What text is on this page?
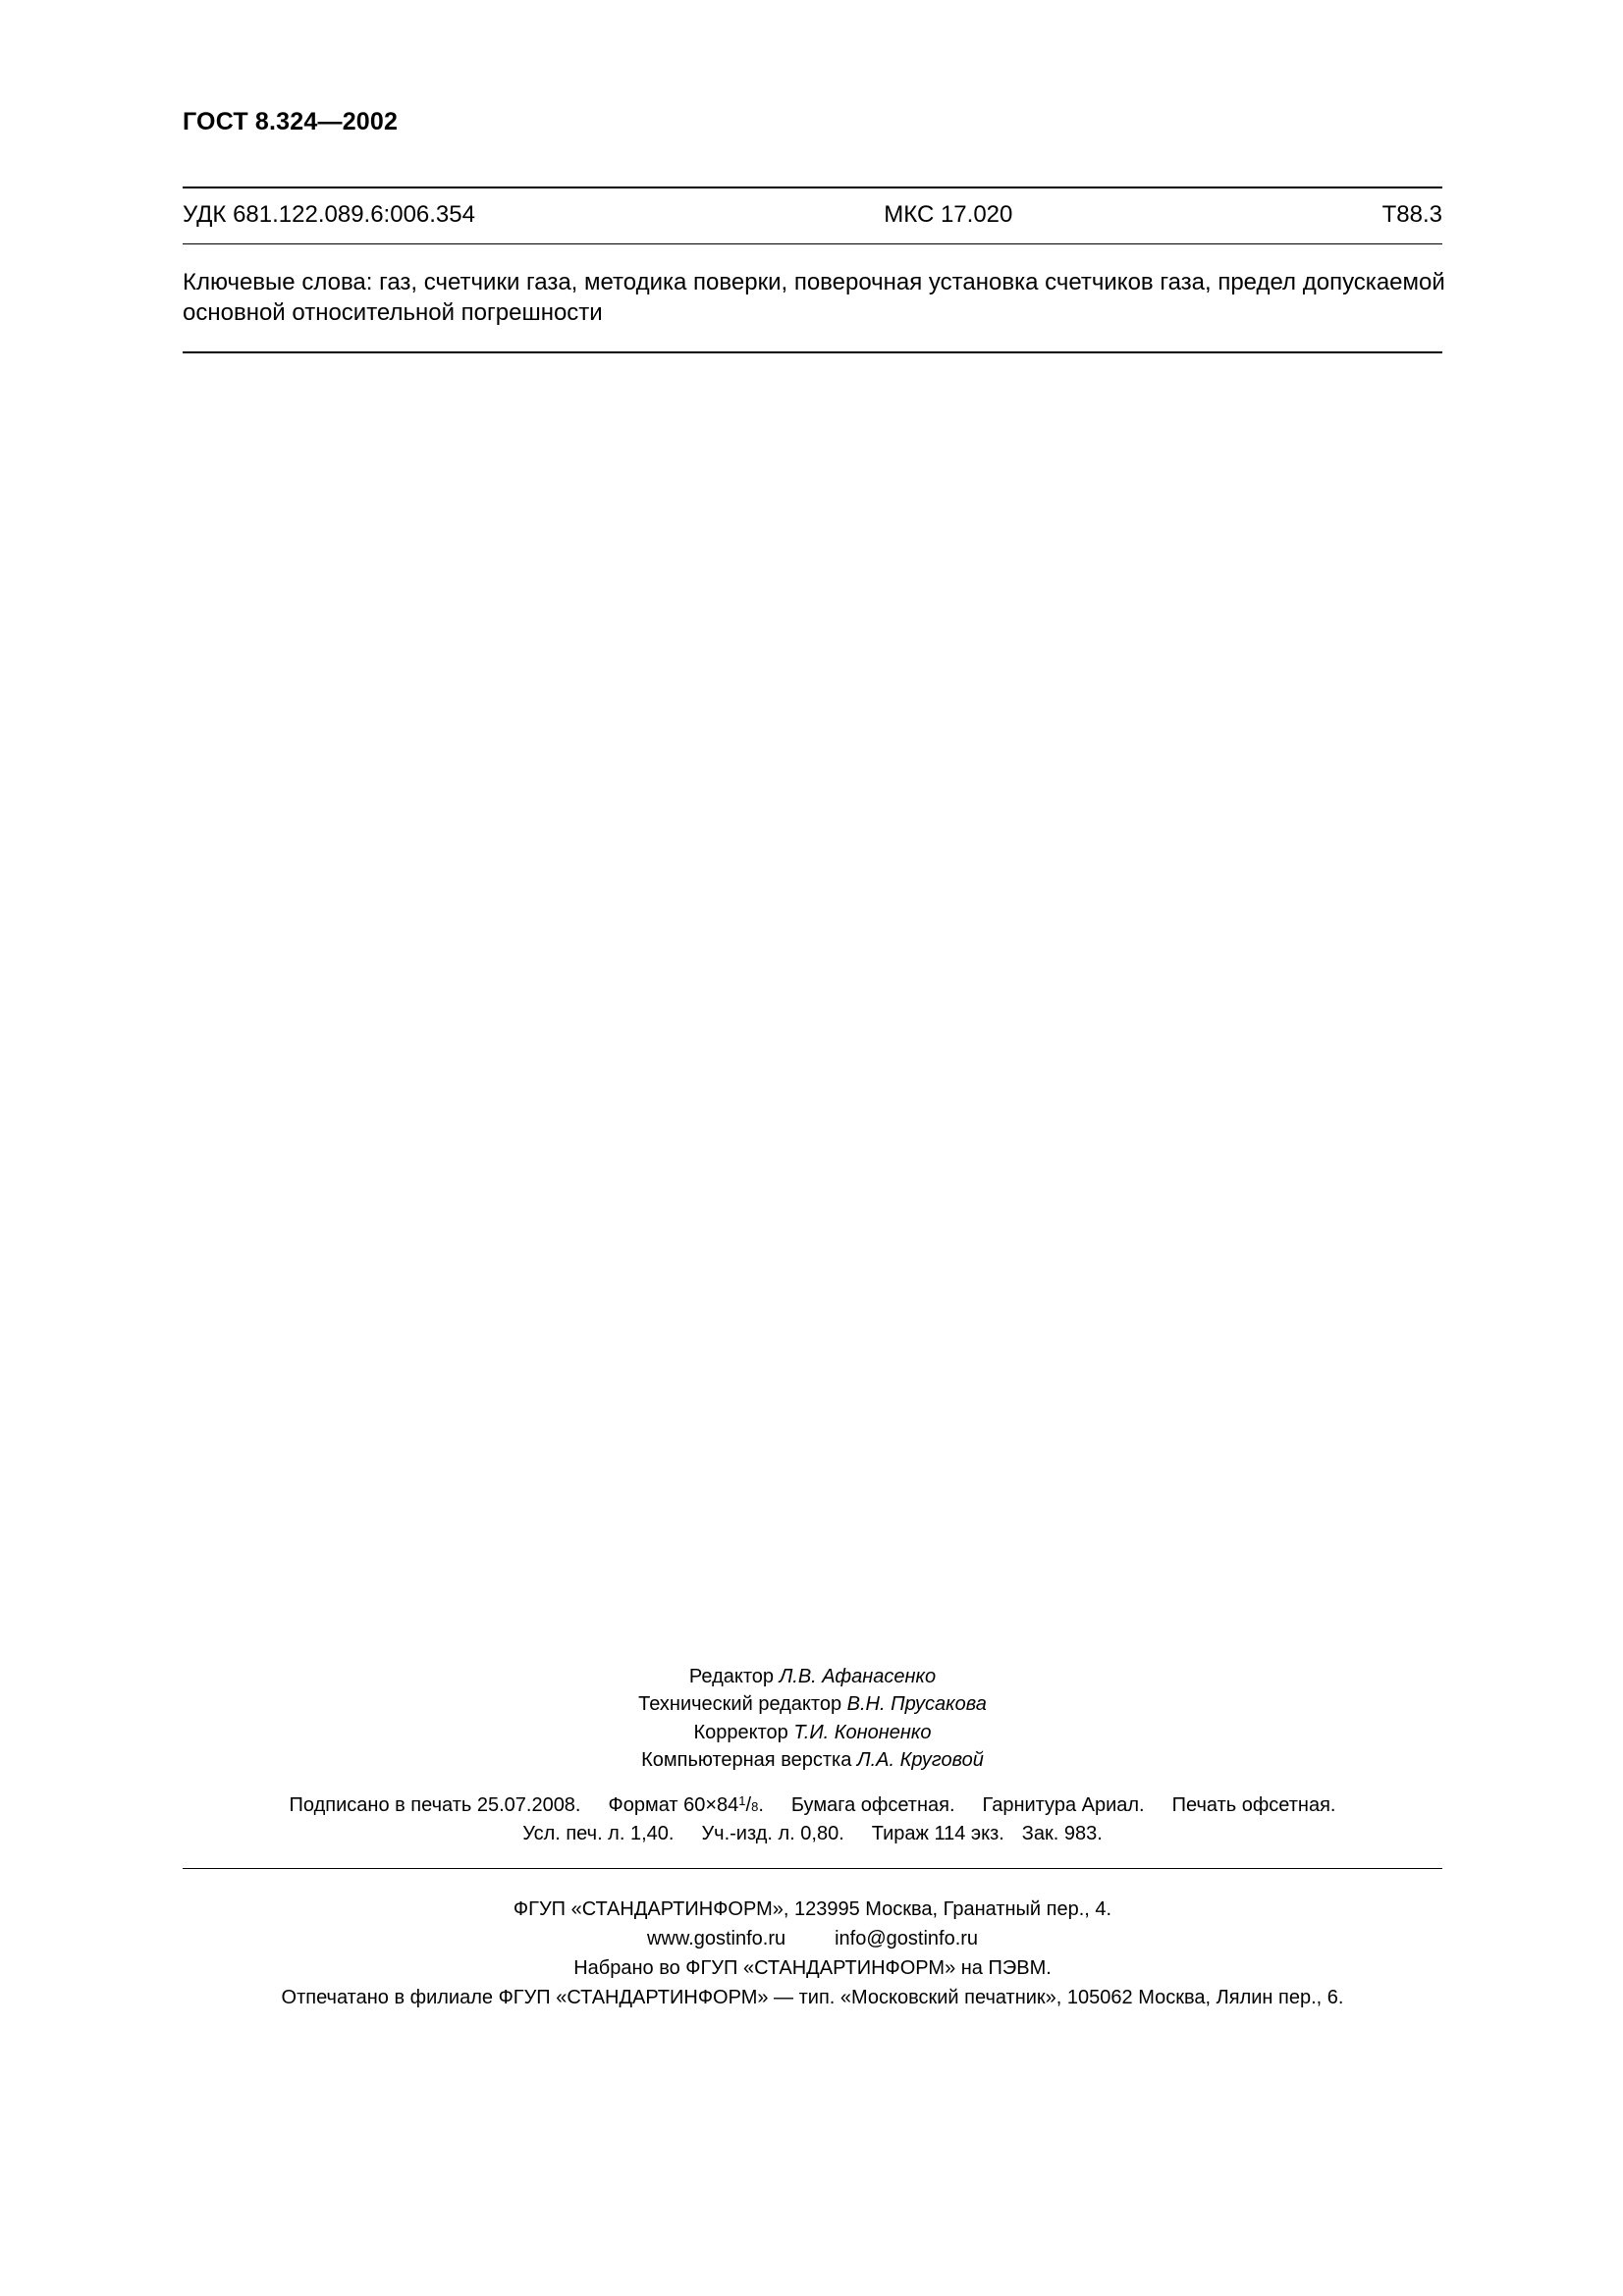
ГОСТ 8.324—2002
УДК 681.122.089.6:006.354	МКС 17.020	Т88.3
Ключевые слова: газ, счетчики газа, методика поверки, поверочная установка счетчиков газа, предел допускаемой основной относительной погрешности
Редактор Л.В. Афанасенко
Технический редактор В.Н. Прусакова
Корректор Т.И. Кононенко
Компьютерная верстка Л.А. Круговой
Подписано в печать 25.07.2008. Формат $60\times 84^1/8$. Бумага офсетная. Гарнитура Ариал. Печать офсетная.
Усл. печ. л. 1,40. Уч.-изд. л. 0,80. Тираж 114 экз. Зак. 983.
ФГУП «СТАНДАРТИНФОРМ», 123995 Москва, Гранатный пер., 4.
www.gostinfo.ru	info@gostinfo.ru
Набрано во ФГУП «СТАНДАРТИНФОРМ» на ПЭВМ.
Отпечатано в филиале ФГУП «СТАНДАРТИНФОРМ» — тип. «Московский печатник», 105062 Москва, Лялин пер., 6.
